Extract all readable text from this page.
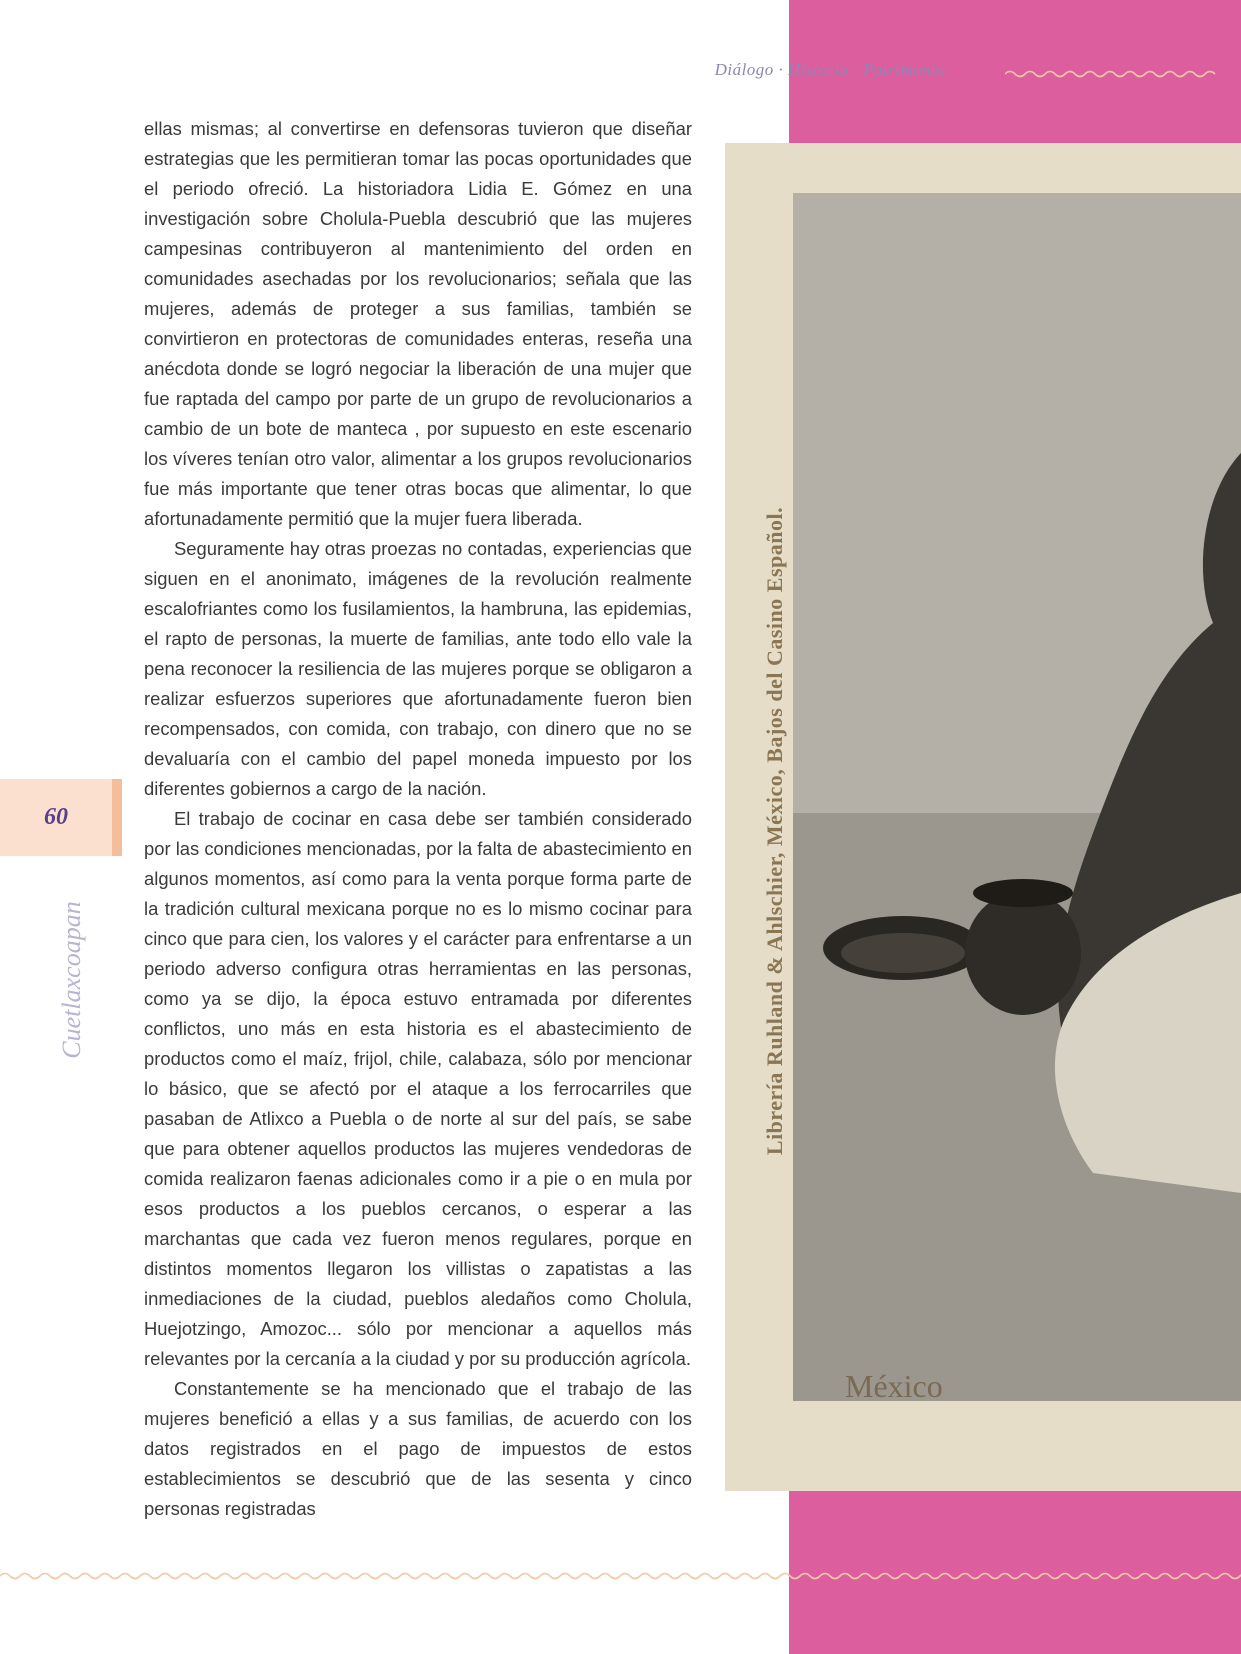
Diálogo · Historia · Patrimonio
Librería Ruhland & Ahlschier, México, Bajos del Casino Español.
México

ellas mismas; al convertirse en defensoras tuvieron que diseñar estrategias que les permitieran tomar las pocas oportunidades que el periodo ofreció. La historiadora Lidia E. Gómez en una investigación sobre Cholula-Puebla descubrió que las mujeres campesinas contribuyeron al mantenimiento del orden en comunidades asechadas por los revolucionarios; señala que las mujeres, además de proteger a sus familias, también se convirtieron en protectoras de comunidades enteras, reseña una anécdota donde se logró negociar la liberación de una mujer que fue raptada del campo por parte de un grupo de revolucionarios a cambio de un bote de manteca , por supuesto en este escenario los víveres tenían otro valor, alimentar a los grupos revolucionarios fue más importante que tener otras bocas que alimentar, lo que afortunadamente permitió que la mujer fuera liberada.

Seguramente hay otras proezas no contadas, experiencias que siguen en el anonimato, imágenes de la revolución realmente escalofriantes como los fusilamientos, la hambruna, las epidemias, el rapto de personas, la muerte de familias, ante todo ello vale la pena reconocer la resiliencia de las mujeres porque se obligaron a realizar esfuerzos superiores que afortunadamente fueron bien recompensados, con comida, con trabajo, con dinero que no se devaluaría con el cambio del papel moneda impuesto por los diferentes gobiernos a cargo de la nación.

El trabajo de cocinar en casa debe ser también considerado por las condiciones mencionadas, por la falta de abastecimiento en algunos momentos, así como para la venta porque forma parte de la tradición cultural mexicana porque no es lo mismo cocinar para cinco que para cien, los valores y el carácter para enfrentarse a un periodo adverso configura otras herramientas en las personas, como ya se dijo, la época estuvo entramada por diferentes conflictos, uno más en esta historia es el abastecimiento de productos como el maíz, frijol, chile, calabaza, sólo por mencionar lo básico, que se afectó por el ataque a los ferrocarriles que pasaban de Atlixco a Puebla o de norte al sur del país, se sabe que para obtener aquellos productos las mujeres vendedoras de comida realizaron faenas adicionales como ir a pie o en mula por esos productos a los pueblos cercanos, o esperar a las marchantas que cada vez fueron menos regulares, porque en distintos momentos llegaron los villistas o zapatistas a las inmediaciones de la ciudad, pueblos aledaños como Cholula, Huejotzingo, Amozoc... sólo por mencionar a aquellos más relevantes por la cercanía a la ciudad y por su producción agrícola.

Constantemente se ha mencionado que el trabajo de las mujeres benefició a ellas y a sus familias, de acuerdo con los datos registrados en el pago de impuestos de estos establecimientos se descubrió que de las sesenta y cinco personas registradas

60
Cuetlaxcoapan
